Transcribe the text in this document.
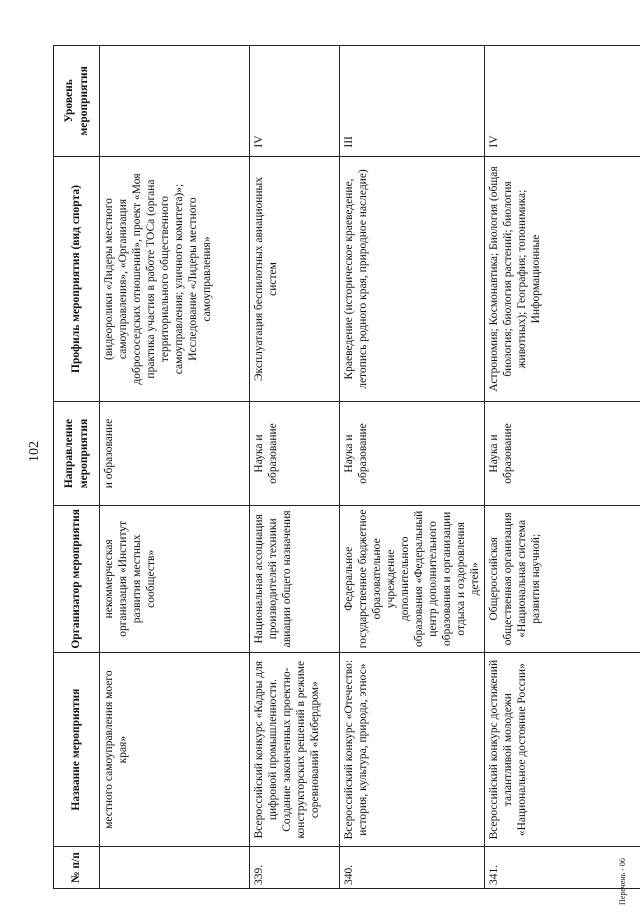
102
Перечень - 06
№ п/п	Название мероприятия	Организатор мероприятия	Направление мероприятия	Профиль мероприятия (вид спорта)	Уровень мероприятия
	местного самоуправления моего края»	некоммерческая организация «Институт развития местных сообществ»	и образование	(видеоролики «Лидеры местного самоуправления», «Организация добрососедских отношений», проект «Моя практика участия в работе ТОСа (органа территориального общественного самоуправления; уличного комитета)»; Исследование «Лидеры местного самоуправления»	
339.	Всероссийский конкурс «Кадры для цифровой промышленности. Создание законченных проектно-конструкторских решений в режиме соревнований «Кибердром»	Национальная ассоциация производителей техники авиации общего назначения	Наука и образование	Эксплуатация беспилотных авиационных систем	IV
340.	Всероссийский конкурс «Отечество: история, культура, природа, этнос»	Федеральное государственное бюджетное образовательное учреждение дополнительного образования «Федеральный центр дополнительного образования и организации отдыха и оздоровления детей»	Наука и образование	Краеведение (историческое краеведение, летопись родного края, природное наследие)	III
341.	Всероссийский конкурс достижений талантливой молодежи «Национальное достояние России»	Общероссийская общественная организация «Национальная система развития научной;	Наука и образование	Астрономия; Космонавтика; Биология (общая биология; биология растений; биология животных); География; топонимика; Информационные	IV
